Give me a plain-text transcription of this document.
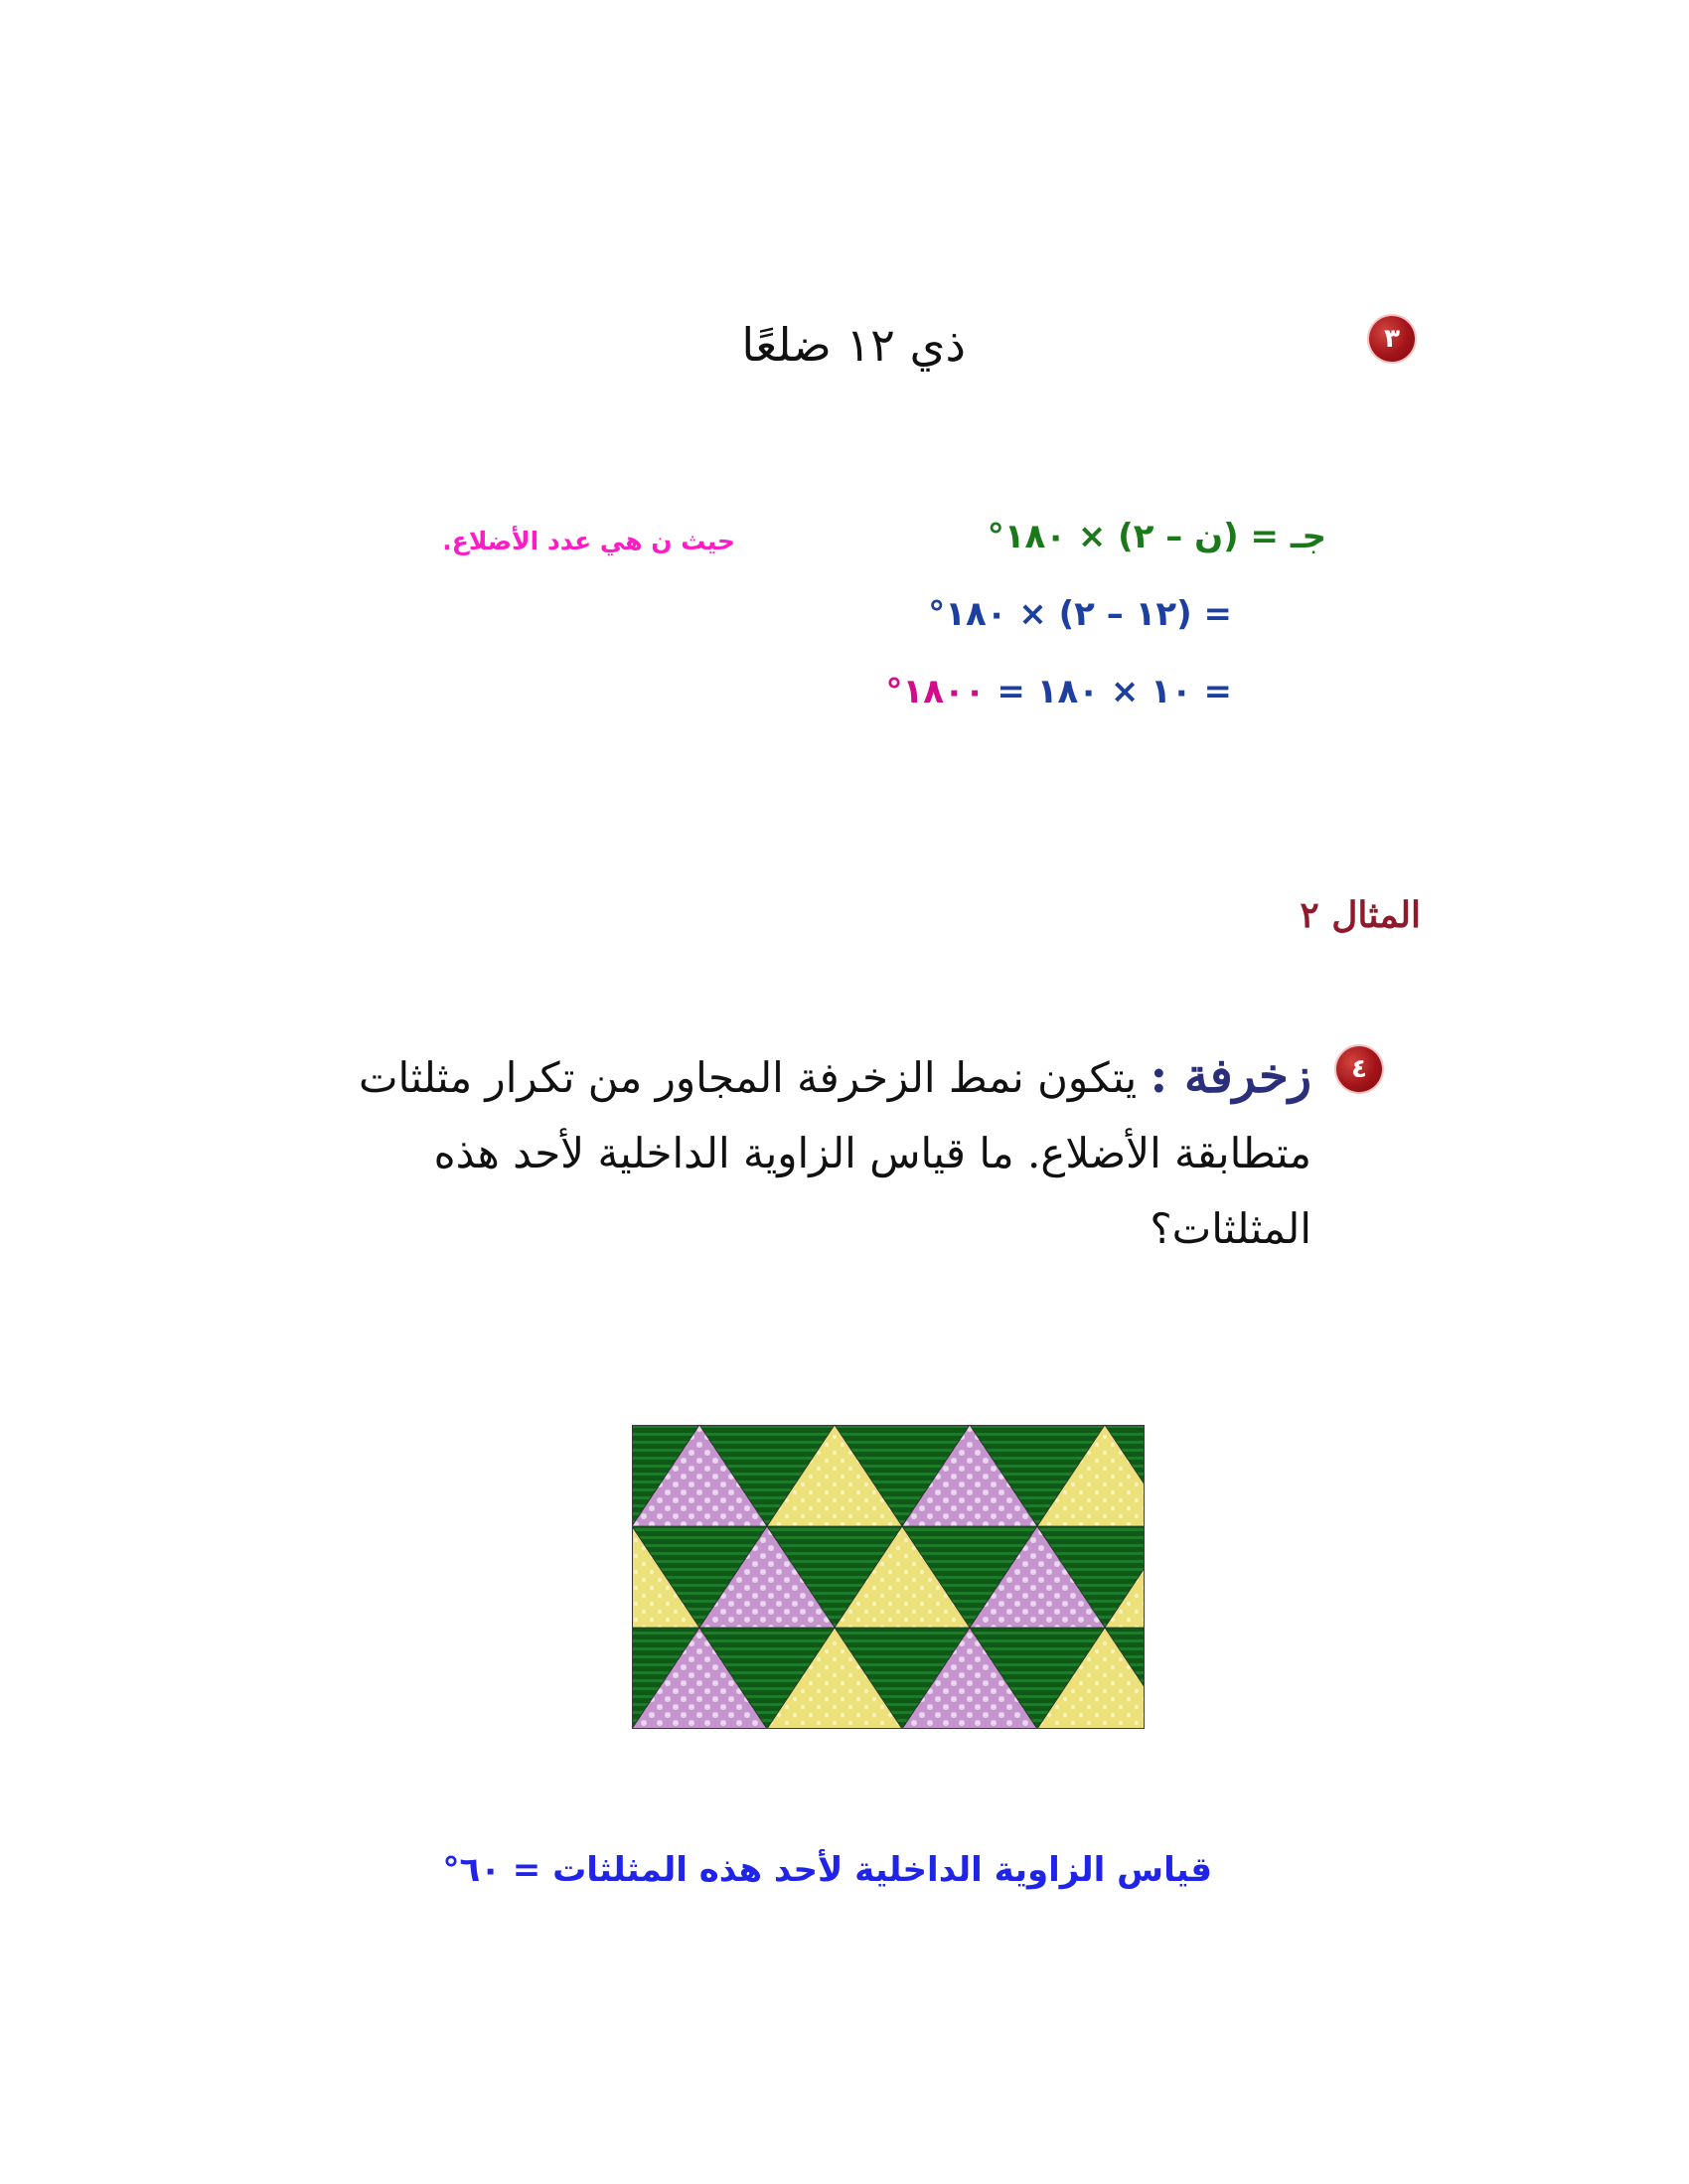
٣
ذي ١٢ ضلعًا
جـ = (ن – ٢) × ١٨٠°
حيث ن هي عدد الأضلاع.
= (١٢ – ٢) × ١٨٠°
= ١٠ × ١٨٠ = ١٨٠٠°
المثال ٢
٤
زخرفة : يتكون نمط الزخرفة المجاور من تكرار مثلثات متطابقة الأضلاع. ما قياس الزاوية الداخلية لأحد هذه المثلثات؟
قياس الزاوية الداخلية لأحد هذه المثلثات = ٦٠°
